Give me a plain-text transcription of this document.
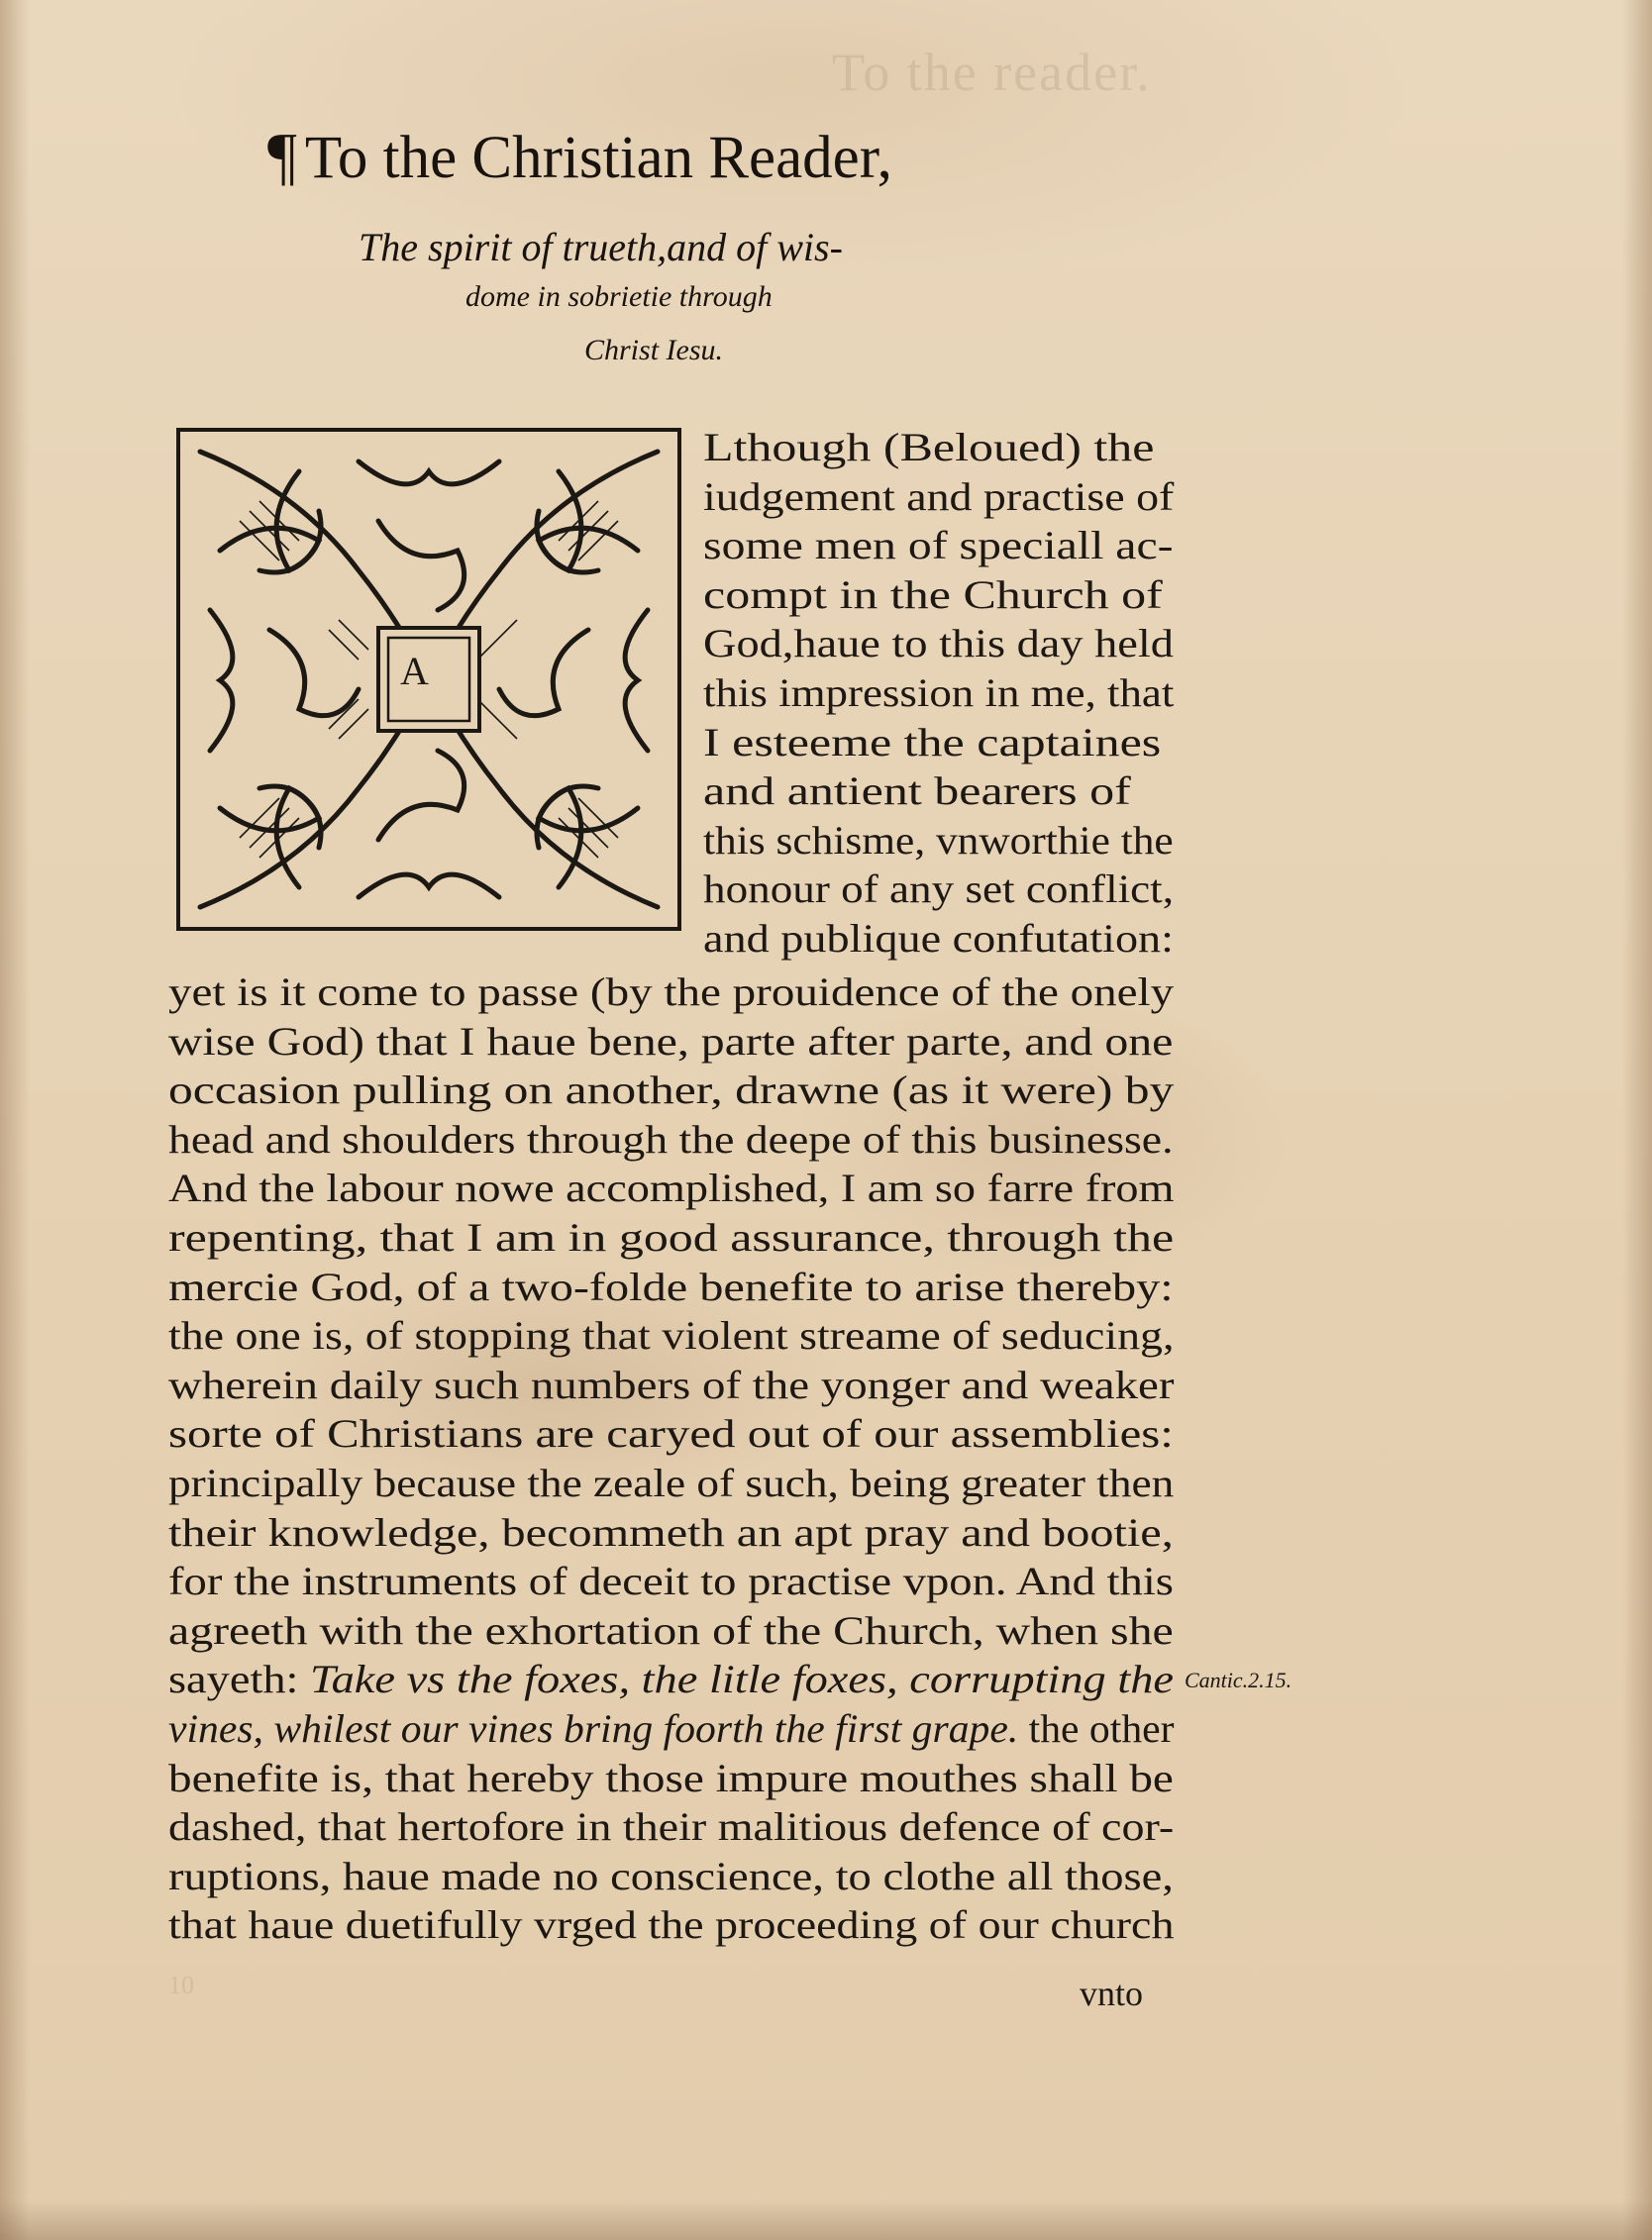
To the reader.
10
¶ To the Christian Reader,
The spirit of trueth,and of wis-
dome in sobrietie through
Christ Iesu.
A
Lthough (Beloued) the
iudgement and practise of
some men of speciall ac-
compt in the Church of
God,haue to this day held
this impression in me, that
I esteeme the captaines
and antient bearers of
this schisme, vnworthie the
honour of any set conflict,
and publique confutation:
yet is it come to passe (by the prouidence of the onely
wise God) that I haue bene, parte after parte, and one
occasion pulling on another, drawne (as it were) by
head and shoulders through the deepe of this businesse.
And the labour nowe accomplished, I am so farre from
repenting, that I am in good assurance, through the
mercie God, of a two-folde benefite to arise thereby:
the one is, of stopping that violent streame of seducing,
wherein daily such numbers of the yonger and weaker
sorte of Christians are caryed out of our assemblies:
principally because the zeale of such, being greater then
their knowledge, becommeth an apt pray and bootie,
for the instruments of deceit to practise vpon. And this
agreeth with the exhortation of the Church, when she
sayeth: Take vs the foxes, the litle foxes, corrupting the
vines, whilest our vines bring foorth the first grape. the other
benefite is, that hereby those impure mouthes shall be
dashed, that hertofore in their malitious defence of cor-
ruptions, haue made no conscience, to clothe all those,
that haue duetifully vrged the proceeding of our church
Cantic.2.15.
vnto
